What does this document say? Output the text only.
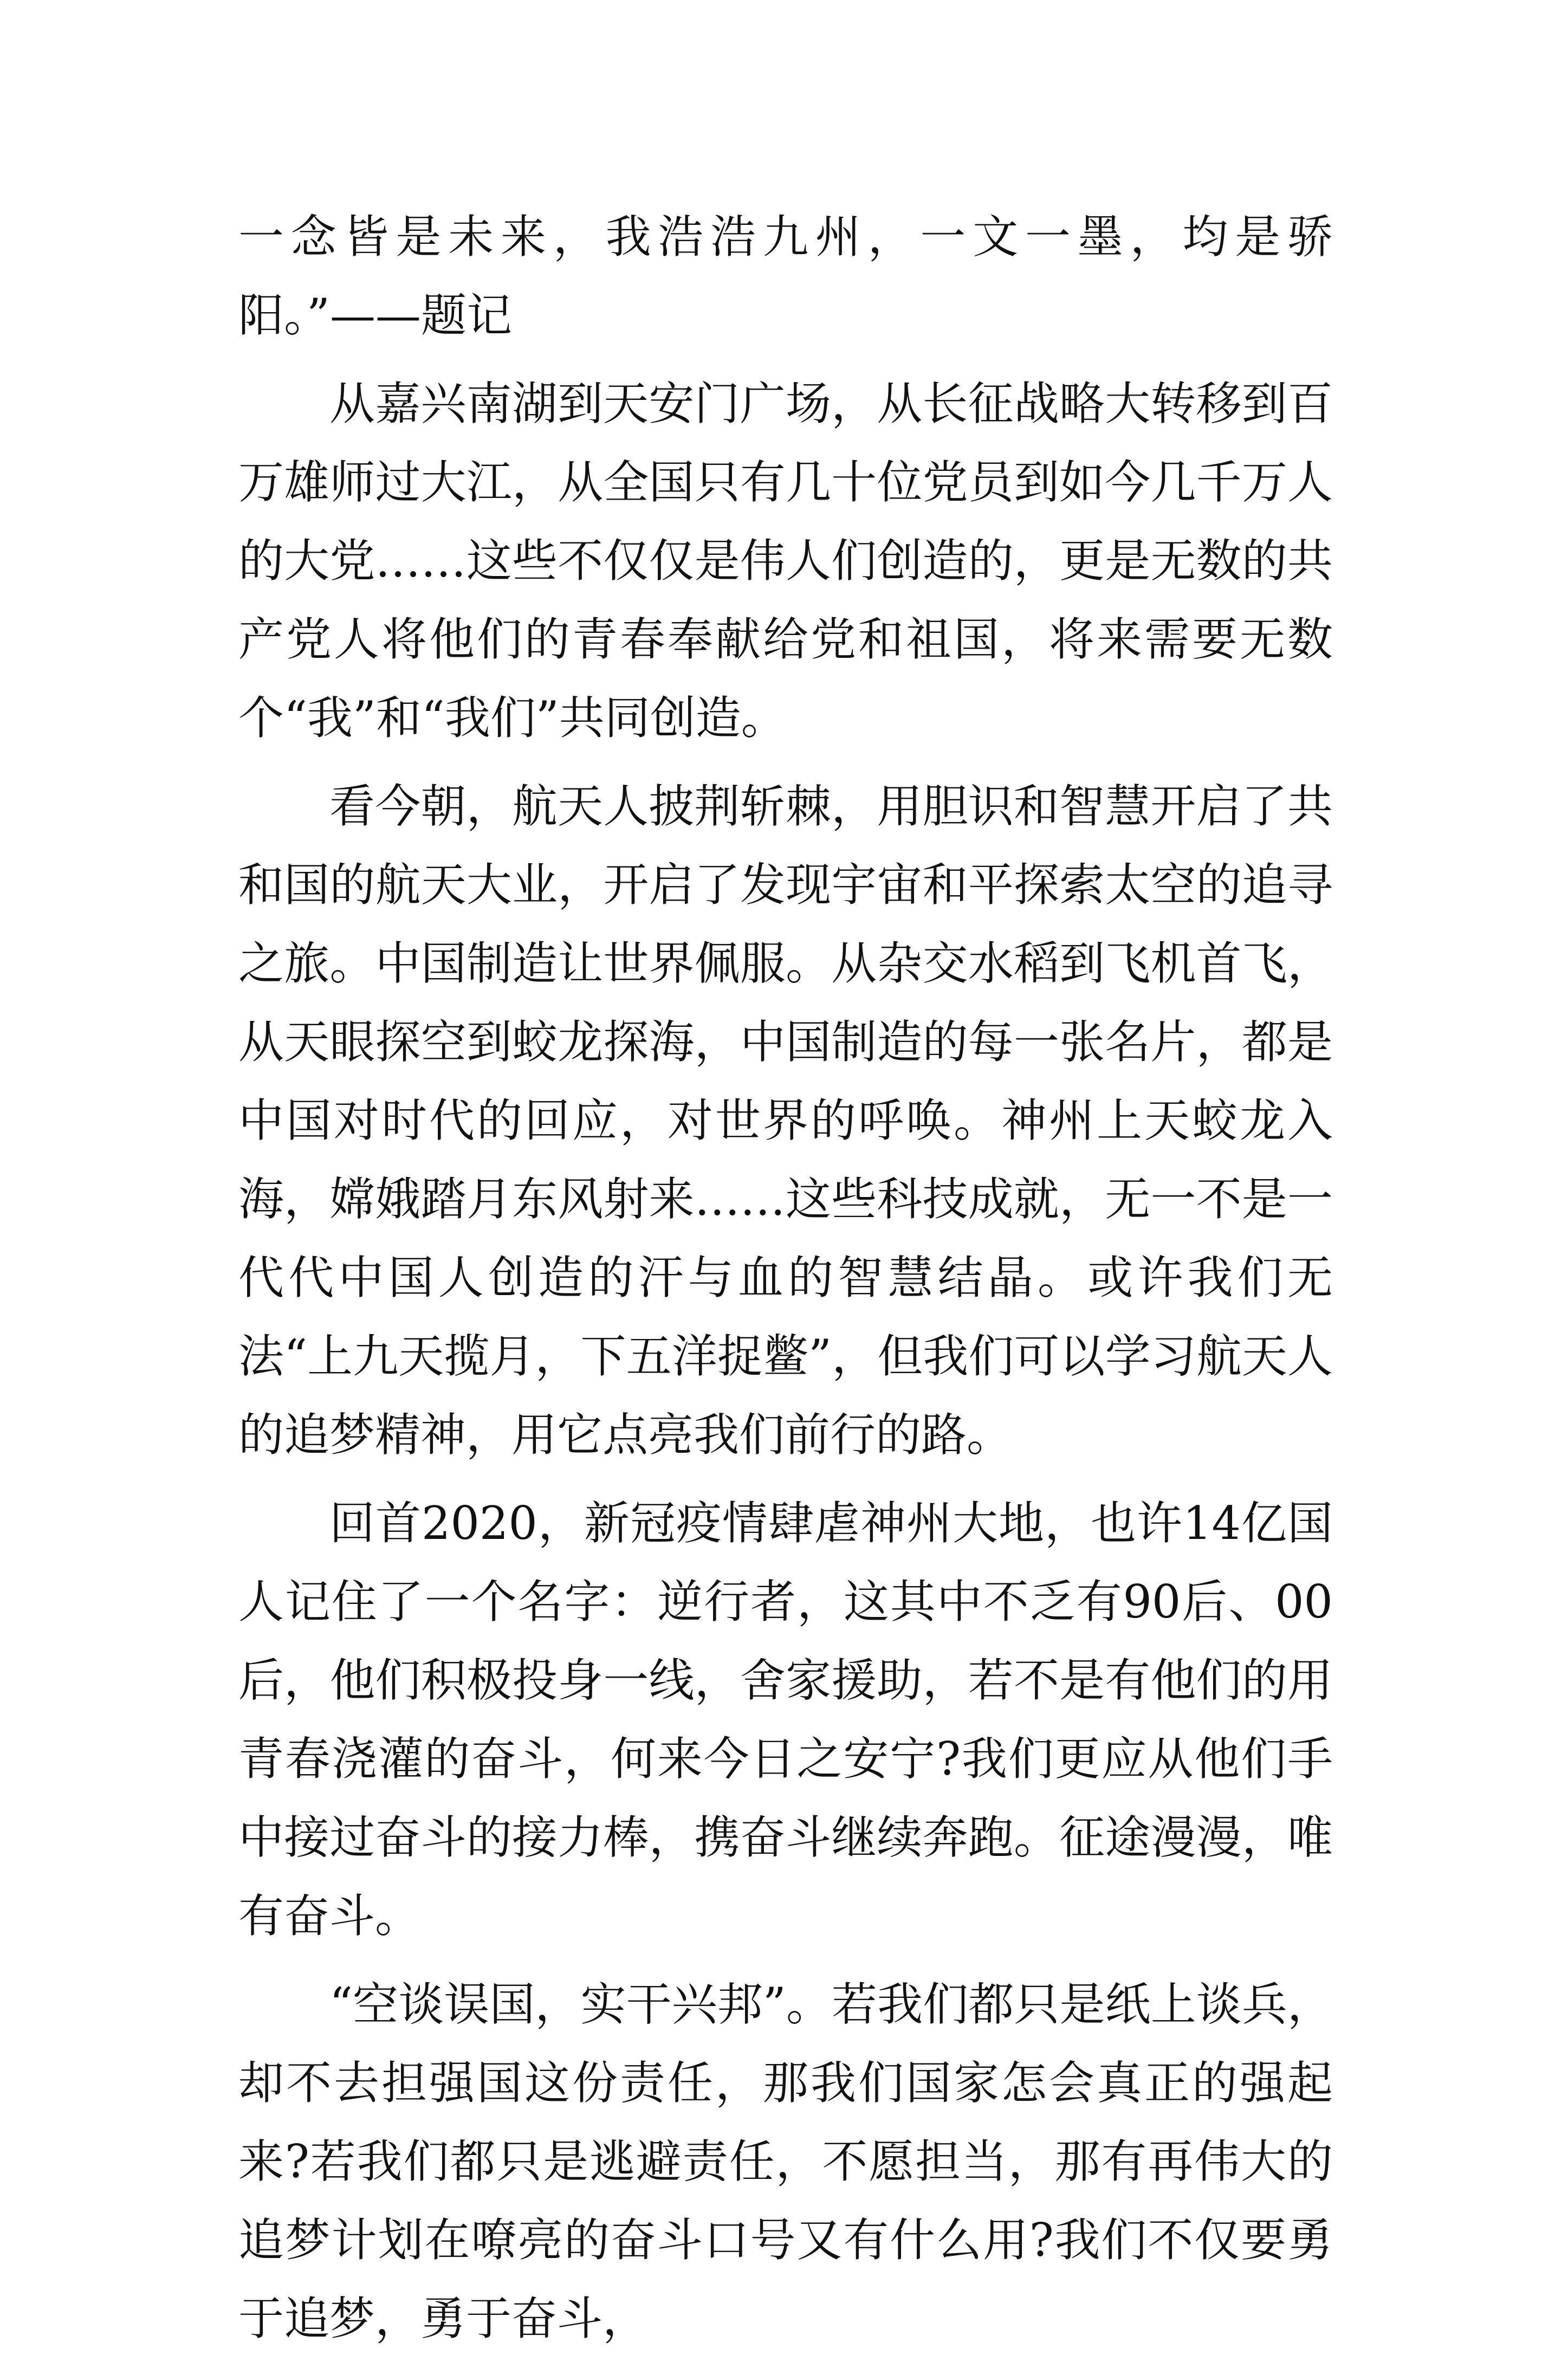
一念皆是未来，我浩浩九州，一文一墨，均是骄阳。”——题记

从嘉兴南湖到天安门广场，从长征战略大转移到百万雄师过大江，从全国只有几十位党员到如今几千万人的大党……这些不仅仅是伟人们创造的，更是无数的共产党人将他们的青春奉献给党和祖国，将来需要无数个“我”和“我们”共同创造。

看今朝，航天人披荆斩棘，用胆识和智慧开启了共和国的航天大业，开启了发现宇宙和平探索太空的追寻之旅。中国制造让世界佩服。从杂交水稻到飞机首飞，从天眼探空到蛟龙探海，中国制造的每一张名片，都是中国对时代的回应，对世界的呼唤。神州上天蛟龙入海，嫦娥踏月东风射来……这些科技成就，无一不是一代代中国人创造的汗与血的智慧结晶。或许我们无法“上九天揽月，下五洋捉鳖”，但我们可以学习航天人的追梦精神，用它点亮我们前行的路。

回首2020，新冠疫情肆虐神州大地，也许14亿国人记住了一个名字：逆行者，这其中不乏有90后、00后，他们积极投身一线，舍家援助，若不是有他们的用青春浇灌的奋斗，何来今日之安宁?我们更应从他们手中接过奋斗的接力棒，携奋斗继续奔跑。征途漫漫，唯有奋斗。

“空谈误国，实干兴邦”。若我们都只是纸上谈兵，却不去担强国这份责任，那我们国家怎会真正的强起来?若我们都只是逃避责任，不愿担当，那有再伟大的追梦计划在嘹亮的奋斗口号又有什么用?我们不仅要勇于追梦，勇于奋斗，
